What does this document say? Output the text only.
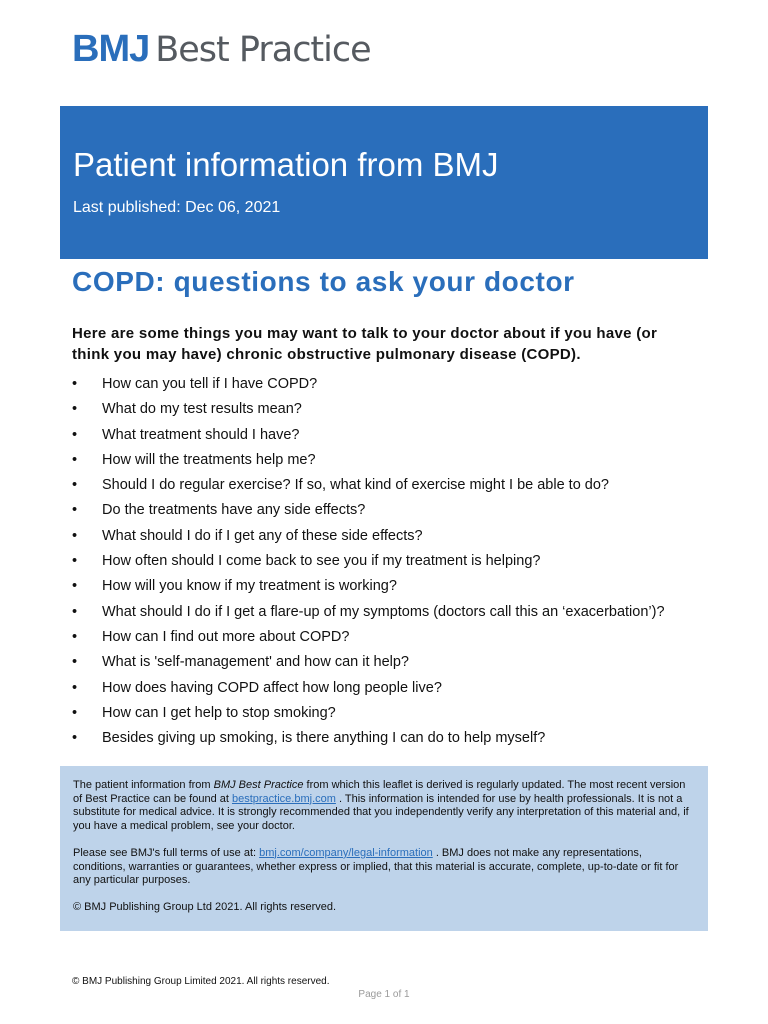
BMJ Best Practice
Patient information from BMJ
Last published: Dec 06, 2021
COPD: questions to ask your doctor

Here are some things you may want to talk to your doctor about if you have (or think you may have) chronic obstructive pulmonary disease (COPD).

•	How can you tell if I have COPD?
•	What do my test results mean?
•	What treatment should I have?
•	How will the treatments help me?
•	Should I do regular exercise? If so, what kind of exercise might I be able to do?
•	Do the treatments have any side effects?
•	What should I do if I get any of these side effects?
•	How often should I come back to see you if my treatment is helping?
•	How will you know if my treatment is working?
•	What should I do if I get a flare-up of my symptoms (doctors call this an ‘exacerbation’)?
•	How can I find out more about COPD?
•	What is 'self-management' and how can it help?
•	How does having COPD affect how long people live?
•	How can I get help to stop smoking?
•	Besides giving up smoking, is there anything I can do to help myself?

The patient information from BMJ Best Practice from which this leaflet is derived is regularly updated. The most recent version of Best Practice can be found at bestpractice.bmj.com . This information is intended for use by health professionals. It is not a substitute for medical advice. It is strongly recommended that you independently verify any interpretation of this material and, if you have a medical problem, see your doctor.

Please see BMJ's full terms of use at: bmj.com/company/legal-information . BMJ does not make any representations, conditions, warranties or guarantees, whether express or implied, that this material is accurate, complete, up-to-date or fit for any particular purposes.

© BMJ Publishing Group Ltd 2021. All rights reserved.

© BMJ Publishing Group Limited 2021. All rights reserved.
Page 1 of 1
